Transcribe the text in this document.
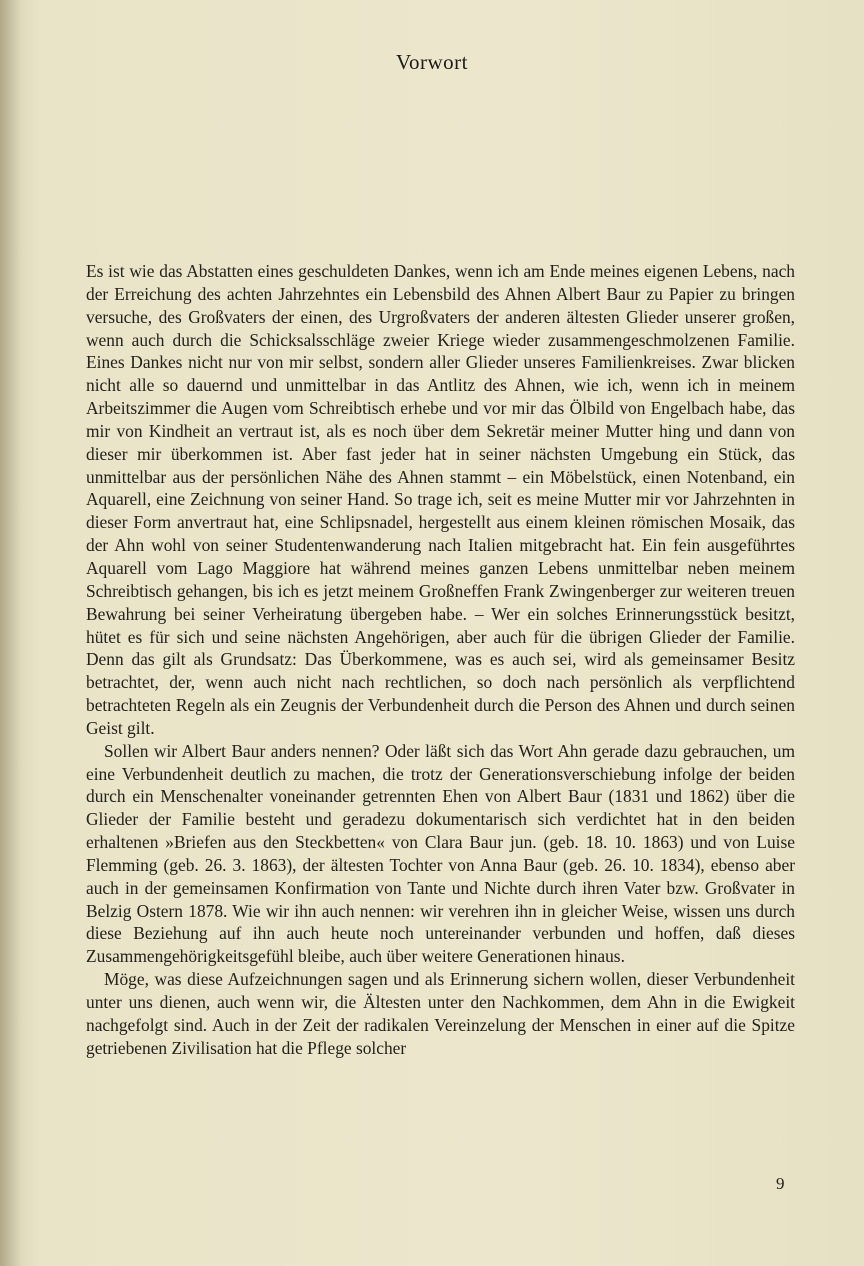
Vorwort

Es ist wie das Abstatten eines geschuldeten Dankes, wenn ich am Ende meines eigenen Lebens, nach der Erreichung des achten Jahrzehntes ein Lebensbild des Ahnen Albert Baur zu Papier zu bringen versuche, des Großvaters der einen, des Urgroßvaters der anderen ältesten Glieder unserer großen, wenn auch durch die Schicksalsschläge zweier Kriege wieder zusammengeschmolzenen Familie. Eines Dankes nicht nur von mir selbst, sondern aller Glieder unseres Familienkreises. Zwar blicken nicht alle so dauernd und unmittelbar in das Antlitz des Ahnen, wie ich, wenn ich in meinem Arbeitszimmer die Augen vom Schreibtisch erhebe und vor mir das Ölbild von Engelbach habe, das mir von Kindheit an vertraut ist, als es noch über dem Sekretär meiner Mutter hing und dann von dieser mir überkommen ist. Aber fast jeder hat in seiner nächsten Umgebung ein Stück, das unmittelbar aus der persönlichen Nähe des Ahnen stammt – ein Möbelstück, einen Notenband, ein Aquarell, eine Zeichnung von seiner Hand. So trage ich, seit es meine Mutter mir vor Jahrzehnten in dieser Form anvertraut hat, eine Schlipsnadel, hergestellt aus einem kleinen römischen Mosaik, das der Ahn wohl von seiner Studentenwanderung nach Italien mitgebracht hat. Ein fein ausgeführtes Aquarell vom Lago Maggiore hat während meines ganzen Lebens unmittelbar neben meinem Schreibtisch gehangen, bis ich es jetzt meinem Großneffen Frank Zwingenberger zur weiteren treuen Bewahrung bei seiner Verheiratung übergeben habe. – Wer ein solches Erinnerungsstück besitzt, hütet es für sich und seine nächsten Angehörigen, aber auch für die übrigen Glieder der Familie. Denn das gilt als Grundsatz: Das Überkommene, was es auch sei, wird als gemeinsamer Besitz betrachtet, der, wenn auch nicht nach rechtlichen, so doch nach persönlich als verpflichtend betrachteten Regeln als ein Zeugnis der Verbundenheit durch die Person des Ahnen und durch seinen Geist gilt.

Sollen wir Albert Baur anders nennen? Oder läßt sich das Wort Ahn gerade dazu gebrauchen, um eine Verbundenheit deutlich zu machen, die trotz der Generationsverschiebung infolge der beiden durch ein Menschenalter voneinander getrennten Ehen von Albert Baur (1831 und 1862) über die Glieder der Familie besteht und geradezu dokumentarisch sich verdichtet hat in den beiden erhaltenen »Briefen aus den Steckbetten« von Clara Baur jun. (geb. 18. 10. 1863) und von Luise Flemming (geb. 26. 3. 1863), der ältesten Tochter von Anna Baur (geb. 26. 10. 1834), ebenso aber auch in der gemeinsamen Konfirmation von Tante und Nichte durch ihren Vater bzw. Großvater in Belzig Ostern 1878. Wie wir ihn auch nennen: wir verehren ihn in gleicher Weise, wissen uns durch diese Beziehung auf ihn auch heute noch untereinander verbunden und hoffen, daß dieses Zusammengehörigkeitsgefühl bleibe, auch über weitere Generationen hinaus.

Möge, was diese Aufzeichnungen sagen und als Erinnerung sichern wollen, dieser Verbundenheit unter uns dienen, auch wenn wir, die Ältesten unter den Nachkommen, dem Ahn in die Ewigkeit nachgefolgt sind. Auch in der Zeit der radikalen Vereinzelung der Menschen in einer auf die Spitze getriebenen Zivilisation hat die Pflege solcher

9
